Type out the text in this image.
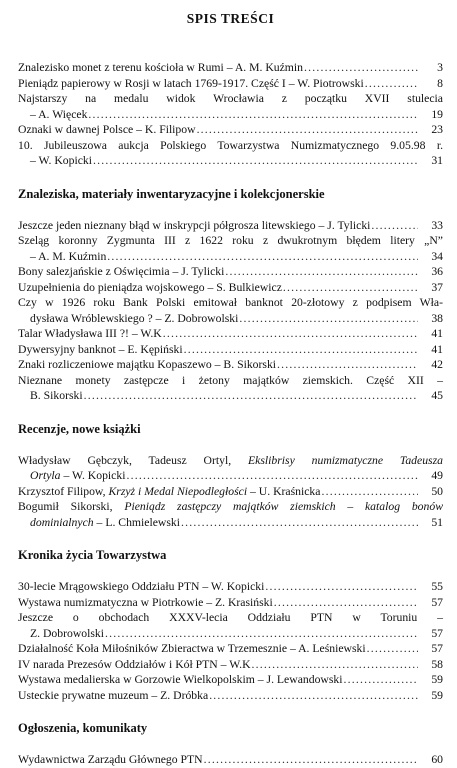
SPIS TREŚCI
Znalezisko monet z terenu kościoła w Rumi – A. M. Kuźmin .....	3
Pieniądz papierowy w Rosji w latach 1769-1917. Część I – W. Piotrowski .....	8
Najstarszy na medalu widok Wrocławia z początku XVII stulecia
– A. Więcek .....	19
Oznaki w dawnej Polsce – K. Filipow .....	23
10. Jubileuszowa aukcja Polskiego Towarzystwa Numizmatycznego 9.05.98 r.
– W. Kopicki .....	31
Znaleziska, materiały inwentaryzacyjne i kolekcjonerskie
Jeszcze jeden nieznany błąd w inskrypcji półgrosza litewskiego – J. Tylicki .....	33
Szeląg koronny Zygmunta III z 1622 roku z dwukrotnym błędem litery „N”
– A. M. Kuźmin .....	34
Bony salezjańskie z Oświęcimia – J. Tylicki .....	36
Uzupełnienia do pieniądza wojskowego – S. Bulkiewicz .....	37
Czy w 1926 roku Bank Polski emitował banknot 20-złotowy z podpisem Wła-
dysława Wróblewskiego ? – Z. Dobrowolski .....	38
Talar Władysława III ?! – W.K .....	41
Dywersyjny banknot – E. Kępiński .....	41
Znaki rozliczeniowe majątku Kopaszewo – B. Sikorski .....	42
Nieznane monety zastępcze i żetony majątków ziemskich. Część XII –
B. Sikorski .....	45
Recenzje, nowe książki
Władysław Gębczyk, Tadeusz Ortyl, Ekslibrisy numizmatyczne Tadeusza
Ortyla – W. Kopicki .....	49
Krzysztof Filipow, Krzyż i Medal Niepodległości – U. Kraśnicka .....	50
Bogumił Sikorski, Pieniądz zastępczy majątków ziemskich – katalog bonów
dominialnych – L. Chmielewski .....	51
Kronika życia Towarzystwa
30-lecie Mrągowskiego Oddziału PTN – W. Kopicki .....	55
Wystawa numizmatyczna w Piotrkowie – Z. Krasiński .....	57
Jeszcze o obchodach XXXV-lecia Oddziału PTN w Toruniu –
Z. Dobrowolski .....	57
Działalność Koła Miłośników Zbieractwa w Trzemesznie – A. Leśniewski .....	57
IV narada Prezesów Oddziałów i Kół PTN – W.K .....	58
Wystawa medalierska w Gorzowie Wielkopolskim – J. Lewandowski .....	59
Usteckie prywatne muzeum – Z. Dróbka .....	59
Ogłoszenia, komunikaty
Wydawnictwa Zarządu Głównego PTN .....	60
